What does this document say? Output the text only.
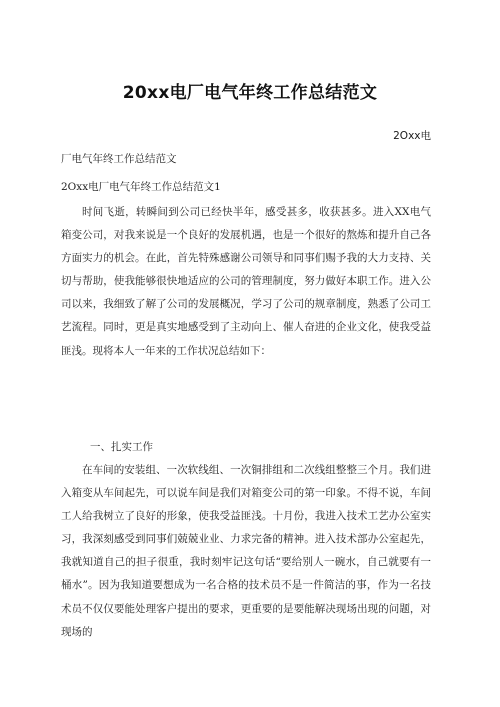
20xx电厂电气年终工作总结范文
2Oxx电
厂电气年终工作总结范文
2Oxx电厂电气年终工作总结范文1

时间飞逝，转瞬间到公司已经快半年，感受甚多，收获甚多。进入XX电气箱变公司，对我来说是一个良好的发展机遇，也是一个很好的熬炼和提升自己各方面实力的机会。在此，首先特殊感谢公司领导和同事们赐予我的大力支持、关切与帮助，使我能够很快地适应的公司的管理制度，努力做好本职工作。进入公司以来，我细致了解了公司的发展概况，学习了公司的规章制度，熟悉了公司工艺流程。同时，更是真实地感受到了主动向上、催人奋进的企业文化，使我受益匪浅。现将本人一年来的工作状况总结如下：

一、扎实工作

在车间的安装组、一次软线组、一次铜排组和二次线组整整三个月。我们进入箱变从车间起先，可以说车间是我们对箱变公司的第一印象。不得不说，车间工人给我树立了良好的形象，使我受益匪浅。十月份，我进入技术工艺办公室实习，我深刻感受到同事们兢兢业业、力求完备的精神。进入技术部办公室起先，我就知道自己的担子很重，我时刻牢记这句话“要给别人一碗水，自己就要有一桶水”。因为我知道要想成为一名合格的技术员不是一件简洁的事，作为一名技术员不仅仅要能处理客户提出的要求，更重要的是要能解决现场出现的问题，对现场的
